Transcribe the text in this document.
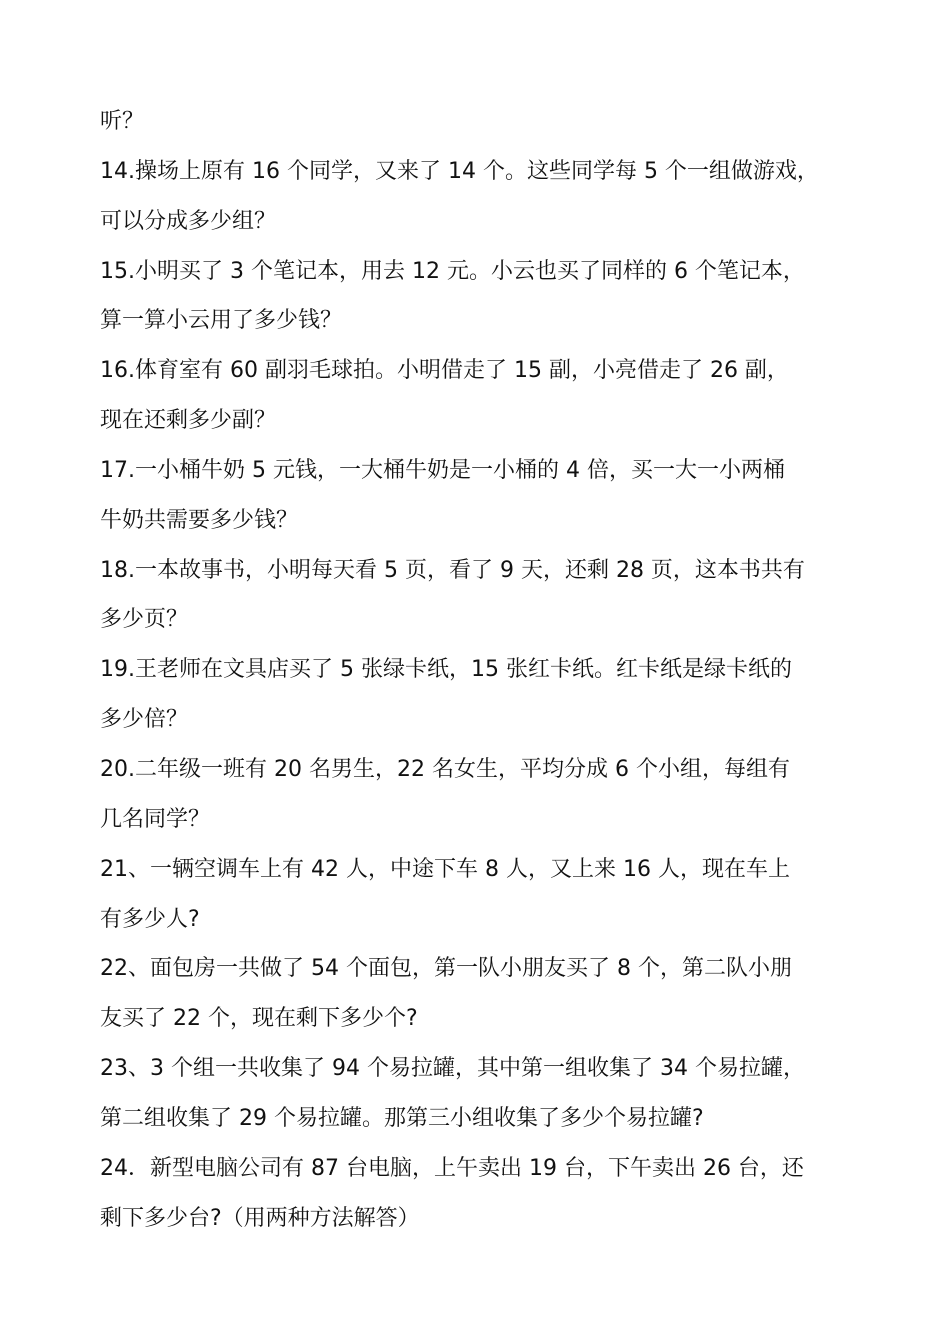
听？
14.操场上原有 16 个同学，又来了 14 个。这些同学每 5 个一组做游戏，
可以分成多少组？
15.小明买了 3 个笔记本，用去 12 元。小云也买了同样的 6 个笔记本，
算一算小云用了多少钱？
16.体育室有 60 副羽毛球拍。小明借走了 15 副，小亮借走了 26 副，
现在还剩多少副？
17.一小桶牛奶 5 元钱，一大桶牛奶是一小桶的 4 倍，买一大一小两桶
牛奶共需要多少钱？
18.一本故事书，小明每天看 5 页，看了 9 天，还剩 28 页，这本书共有
多少页？
19.王老师在文具店买了 5 张绿卡纸，15 张红卡纸。红卡纸是绿卡纸的
多少倍？
20.二年级一班有 20 名男生，22 名女生，平均分成 6 个小组，每组有
几名同学？
21、一辆空调车上有 42 人，中途下车 8 人，又上来 16 人，现在车上
有多少人?
22、面包房一共做了 54 个面包，第一队小朋友买了 8 个，第二队小朋
友买了 22 个，现在剩下多少个?
23、3 个组一共收集了 94 个易拉罐，其中第一组收集了 34 个易拉罐，
第二组收集了 29 个易拉罐。那第三小组收集了多少个易拉罐?
24．新型电脑公司有 87 台电脑，上午卖出 19 台，下午卖出 26 台，还
剩下多少台?（用两种方法解答）
